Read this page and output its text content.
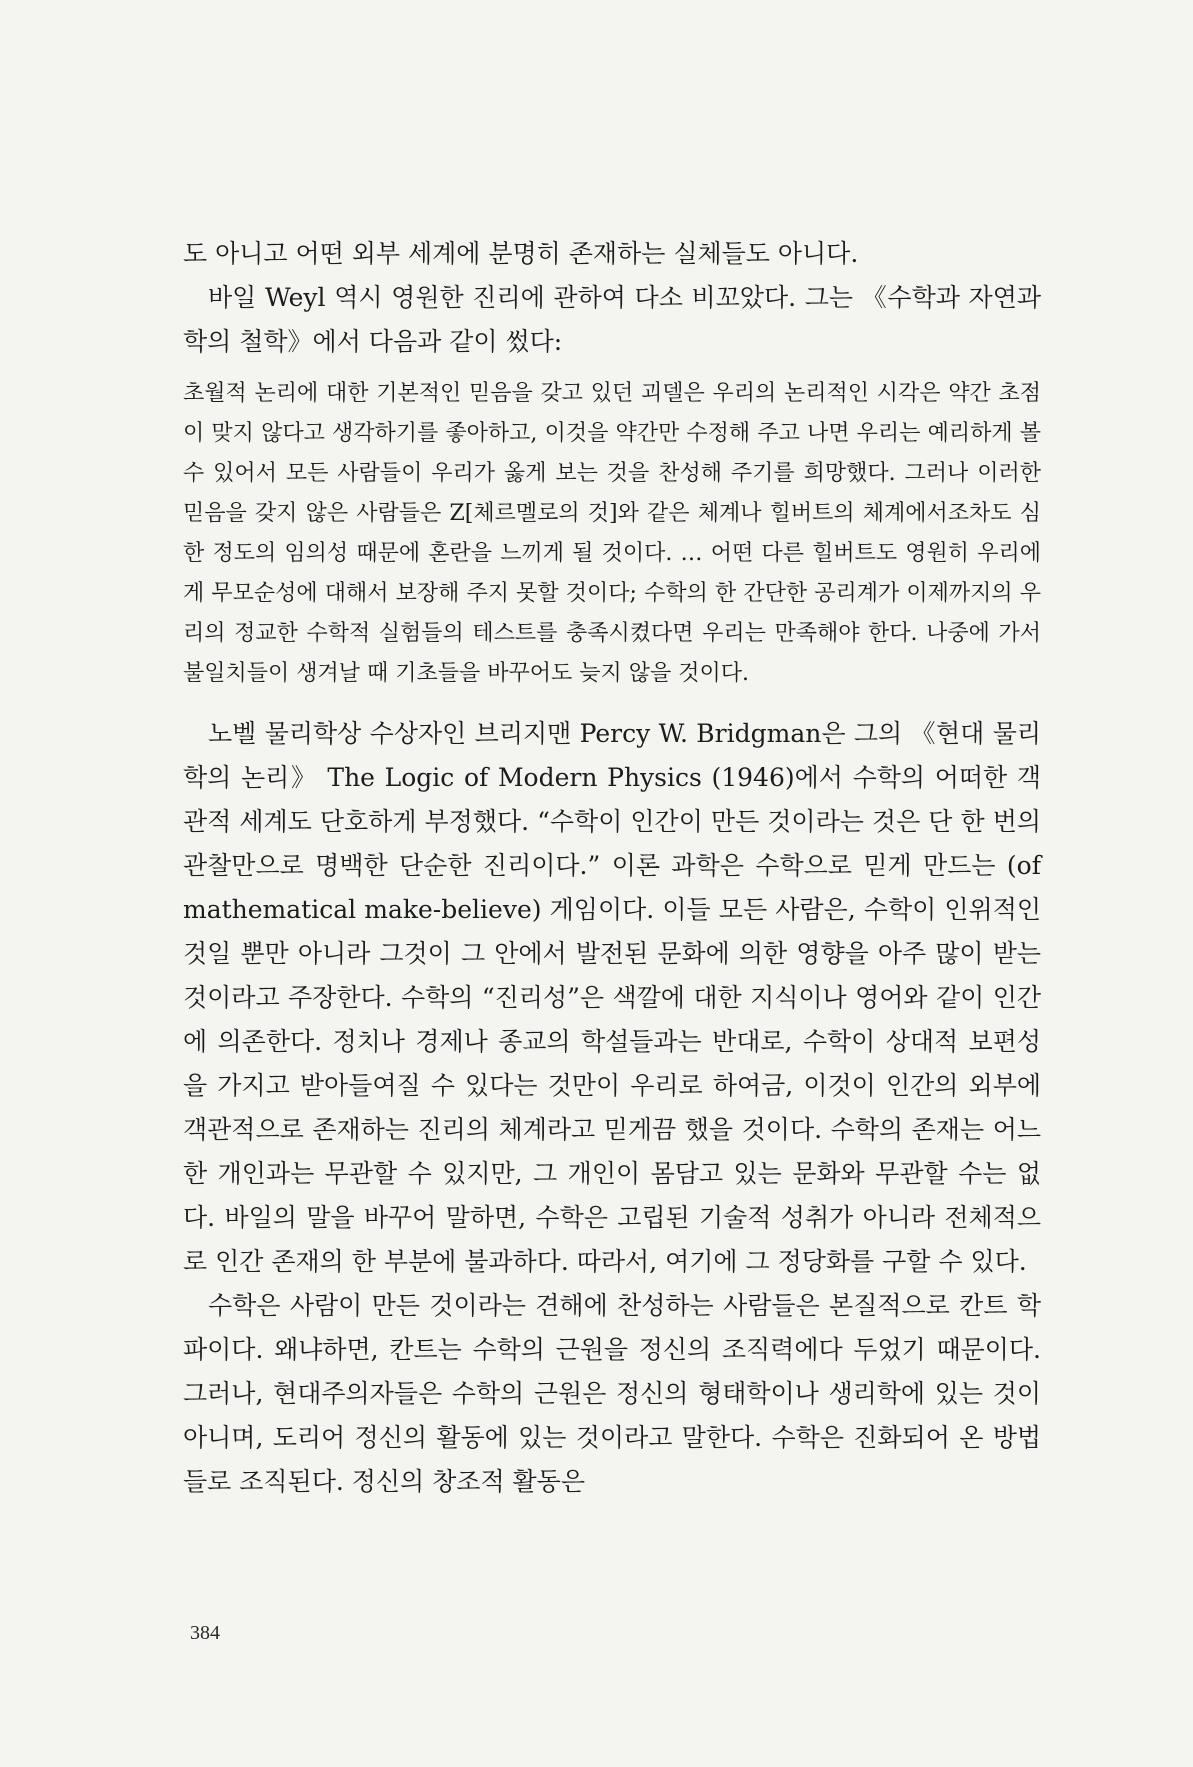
도 아니고 어떤 외부 세계에 분명히 존재하는 실체들도 아니다.

바일 Weyl 역시 영원한 진리에 관하여 다소 비꼬았다. 그는 《수학과 자연과학의 철학》에서 다음과 같이 썼다:

초월적 논리에 대한 기본적인 믿음을 갖고 있던 괴델은 우리의 논리적인 시각은 약간 초점이 맞지 않다고 생각하기를 좋아하고, 이것을 약간만 수정해 주고 나면 우리는 예리하게 볼 수 있어서 모든 사람들이 우리가 옳게 보는 것을 찬성해 주기를 희망했다. 그러나 이러한 믿음을 갖지 않은 사람들은 Z[체르멜로의 것]와 같은 체계나 힐버트의 체계에서조차도 심한 정도의 임의성 때문에 혼란을 느끼게 될 것이다. … 어떤 다른 힐버트도 영원히 우리에게 무모순성에 대해서 보장해 주지 못할 것이다; 수학의 한 간단한 공리계가 이제까지의 우리의 정교한 수학적 실험들의 테스트를 충족시켰다면 우리는 만족해야 한다. 나중에 가서 불일치들이 생겨날 때 기초들을 바꾸어도 늦지 않을 것이다.

노벨 물리학상 수상자인 브리지맨 Percy W. Bridgman은 그의 《현대 물리학의 논리》 The Logic of Modern Physics (1946)에서 수학의 어떠한 객관적 세계도 단호하게 부정했다. “수학이 인간이 만든 것이라는 것은 단 한 번의 관찰만으로 명백한 단순한 진리이다.” 이론 과학은 수학으로 믿게 만드는 (of mathematical make-believe) 게임이다. 이들 모든 사람은, 수학이 인위적인 것일 뿐만 아니라 그것이 그 안에서 발전된 문화에 의한 영향을 아주 많이 받는 것이라고 주장한다. 수학의 “진리성”은 색깔에 대한 지식이나 영어와 같이 인간에 의존한다. 정치나 경제나 종교의 학설들과는 반대로, 수학이 상대적 보편성을 가지고 받아들여질 수 있다는 것만이 우리로 하여금, 이것이 인간의 외부에 객관적으로 존재하는 진리의 체계라고 믿게끔 했을 것이다. 수학의 존재는 어느 한 개인과는 무관할 수 있지만, 그 개인이 몸담고 있는 문화와 무관할 수는 없다. 바일의 말을 바꾸어 말하면, 수학은 고립된 기술적 성취가 아니라 전체적으로 인간 존재의 한 부분에 불과하다. 따라서, 여기에 그 정당화를 구할 수 있다.

수학은 사람이 만든 것이라는 견해에 찬성하는 사람들은 본질적으로 칸트 학파이다. 왜냐하면, 칸트는 수학의 근원을 정신의 조직력에다 두었기 때문이다. 그러나, 현대주의자들은 수학의 근원은 정신의 형태학이나 생리학에 있는 것이 아니며, 도리어 정신의 활동에 있는 것이라고 말한다. 수학은 진화되어 온 방법들로 조직된다. 정신의 창조적 활동은

384
